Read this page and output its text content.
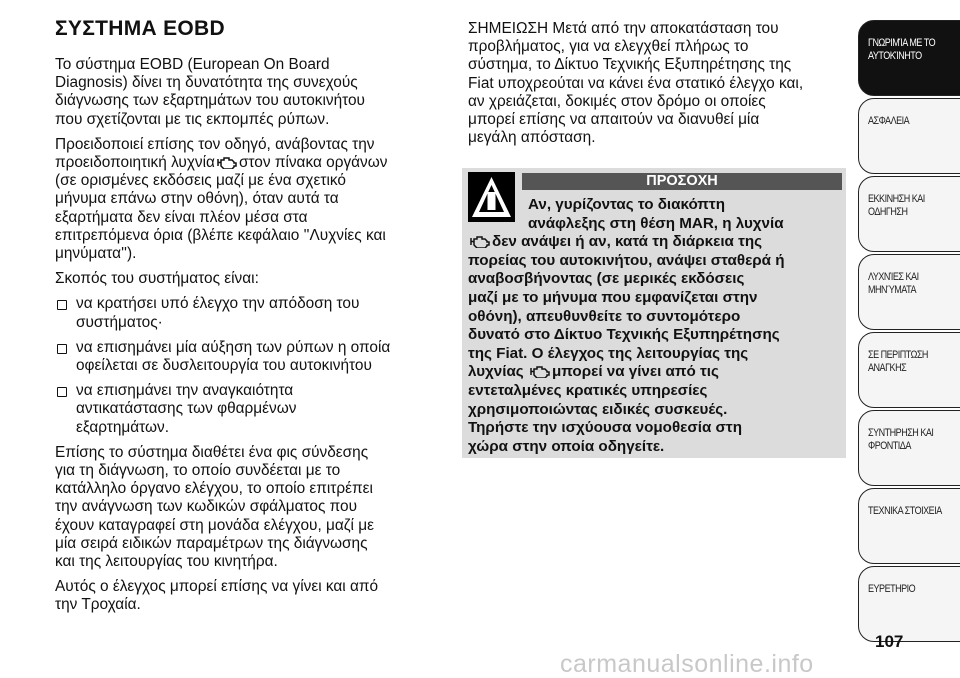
ΣΥΣΤΗΜΑ EOBD
Το σύστημα EOBD (European On Board
Diagnosis) δίνει τη δυνατότητα της συνεχούς
διάγνωσης των εξαρτημάτων του αυτοκινήτου
που σχετίζονται με τις εκπομπές ρύπων.
Προειδοποιεί επίσης τον οδηγό, ανάβοντας την
προειδοποιητική λυχνία στον πίνακα οργάνων
(σε ορισμένες εκδόσεις μαζί με ένα σχετικό
μήνυμα επάνω στην οθόνη), όταν αυτά τα
εξαρτήματα δεν είναι πλέον μέσα στα
επιτρεπόμενα όρια (βλέπε κεφάλαιο ''Λυχνίες και
μηνύματα'').
Σκοπός του συστήματος είναι:
να κρατήσει υπό έλεγχο την απόδοση του
συστήματος·
να επισημάνει μία αύξηση των ρύπων η οποία
οφείλεται σε δυσλειτουργία του αυτοκινήτου
να επισημάνει την αναγκαιότητα
αντικατάστασης των φθαρμένων
εξαρτημάτων.
Επίσης το σύστημα διαθέτει ένα φις σύνδεσης
για τη διάγνωση, το οποίο συνδέεται με το
κατάλληλο όργανο ελέγχου, το οποίο επιτρέπει
την ανάγνωση των κωδικών σφάλματος που
έχουν καταγραφεί στη μονάδα ελέγχου, μαζί με
μία σειρά ειδικών παραμέτρων της διάγνωσης
και της λειτουργίας του κινητήρα.
Αυτός ο έλεγχος μπορεί επίσης να γίνει και από
την Τροχαία.
ΣΗΜΕΙΩΣΗ Μετά από την αποκατάσταση του
προβλήματος, για να ελεγχθεί πλήρως το
σύστημα, το Δίκτυο Τεχνικής Εξυπηρέτησης της
Fiat υποχρεούται να κάνει ένα στατικό έλεγχο και,
αν χρειάζεται, δοκιμές στον δρόμο οι οποίες
μπορεί επίσης να απαιτούν να διανυθεί μία
μεγάλη απόσταση.
ΠΡΟΣΟΧΗ
Αν, γυρίζοντας το διακόπτη
ανάφλεξης στη θέση MAR, η λυχνία
δεν ανάψει ή αν, κατά τη διάρκεια της
πορείας του αυτοκινήτου, ανάψει σταθερά ή
αναβοσβήνοντας (σε μερικές εκδόσεις
μαζί με το μήνυμα που εμφανίζεται στην
οθόνη), απευθυνθείτε το συντομότερο
δυνατό στο Δίκτυο Τεχνικής Εξυπηρέτησης
της Fiat. Ο έλεγχος της λειτουργίας της
λυχνίας μπορεί να γίνει από τις
εντεταλμένες κρατικές υπηρεσίες
χρησιμοποιώντας ειδικές συσκευές.
Τηρήστε την ισχύουσα νομοθεσία στη
χώρα στην οποία οδηγείτε.
ΓΝΩΡΙΜΊΑ ΜΕ ΤΟ
ΑΥΤΟΚΊΝΗΤΟ
ΑΣΦΑΛΕΙΑ
ΕΚΚΙΝΗΣΗ ΚΑΙ
ΟΔΗΓΗΣΗ
ΛΥΧΝΊΕΣ ΚΑΙ
ΜΗΝΎΜΑΤΑ
ΣΕ ΠΕΡΙΠΤΩΣΗ
ΑΝΑΓΚΗΣ
ΣΥΝΤΗΡΗΣΗ ΚΑΙ
ΦΡΟΝΤΙΔΑ
ΤΕΧΝΙΚΑ ΣΤΟΙΧΕΙΑ
ΕΥΡΕΤΗΡΙΟ
107
carmanualsonline.info
